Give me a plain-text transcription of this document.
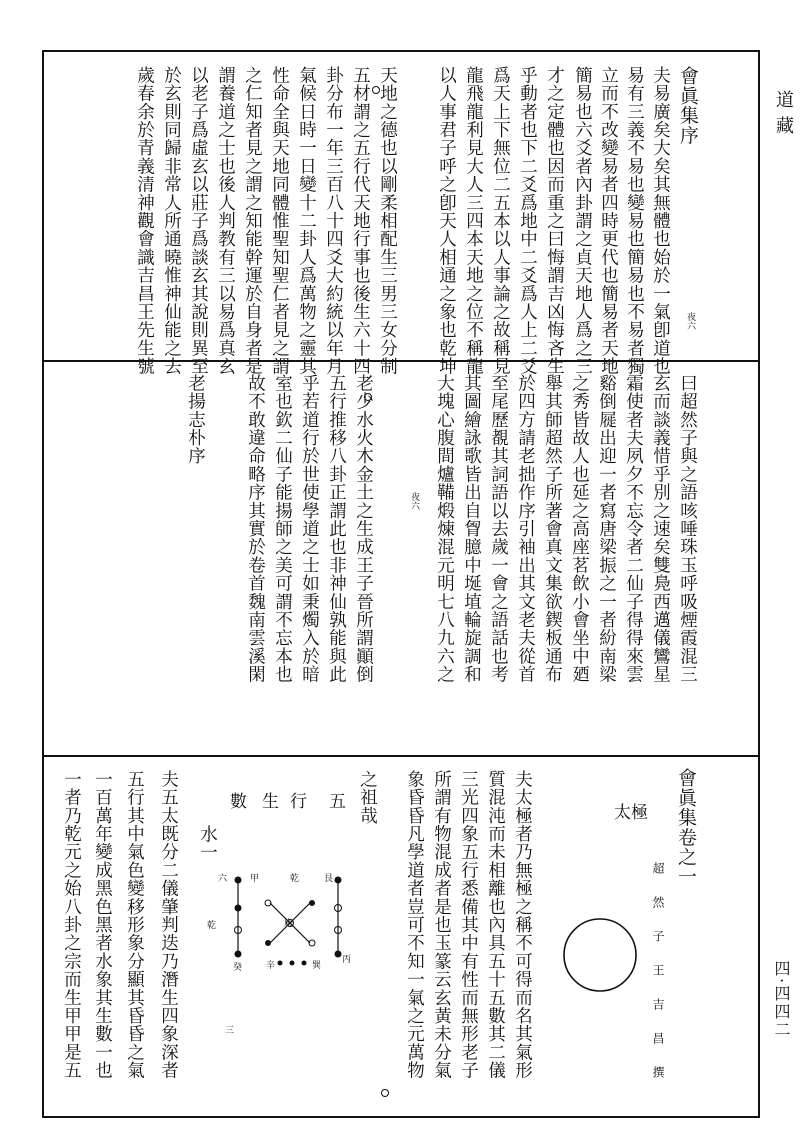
道藏
四‧四四二
會眞集序
夜六
夫易廣矣大矣其無體也始於一氣卽道也
易有三義不易也變易也簡易也不易者獨
立而不改變易者四時更代也簡易者天地
簡易也六爻者內卦謂之貞天地人爲之三
才之定體也因而重之曰悔謂吉凶悔吝生
乎動者也下二爻爲地中二爻爲人上二爻
爲天上下無位二五本以人事論之故稱見
龍飛龍利見大人三四本天地之位不稱龍
以人事君子呼之卽天人相通之象也乾坤
天地之德也以剛柔相配生三男三女分制
五材謂之五行代天地行事也後生六十四
卦分布一年三百八十四爻大約統以年月
氣候日時一日變十二卦人爲萬物之靈其
性命全與天地同體惟聖知聖仁者見之謂
之仁知者見之謂之知能幹運於自身者是
謂養道之士也後人判教有三以易爲真玄
以老子爲虛玄以莊子爲談玄其說則異至
於玄則同歸非常人所通曉惟神仙能之去
歲春余於青義清神觀會識吉昌王先生號
夜六	曰超然子與之語咳唾珠玉呼吸煙霞混三
玄而談義惜乎別之速矣雙鳧西邁儀鸞星
霜使者夫夙夕不忘令者二仙子得得來雲
谿倒屣出迎一者寫唐梁振之一者紛南梁
之秀皆故人也延之高座茗飲小會坐中廼
舉其師超然子所著會真文集欲鍥板通布
於四方請老拙作序引袖出其文老夫從首
至尾歷覩其詞語以去歲一會之語話也考
其圖繪詠歌皆出自胷臆中埏埴輪旋調和
大塊心腹間爐鞴煅煉混元明七八九六之
老少水火木金土之生成王子晉所謂顚倒
五行推移八卦正謂此也非神仙孰能與此
乎若道行於世使學道之士如秉燭入於暗
室也欽二仙子能揚師之美可謂不忘本也
故不敢違命略序其實於卷首魏南雲溪閑
老揚志朴序
會眞集卷之一
超然子王吉昌撰
太極
夫太極者乃無極之稱不可得而名其氣形
質混沌而未相離也內具五十五數其二儀
三光四象五行悉備其中有性而無形老子
所謂有物混成者是也玉篆云玄黃未分氣
象昏昏凡學道者豈可不知一氣之元萬物
之祖哉
五
行
生
數
水一
艮
乾
甲
六
庚
丙
巽
辛
癸
乾
三
夫五太既分二儀肇判迭乃潛生四象深者
五行其中氣色變移形象分顯其昏昏之氣
一百萬年變成黑色黑者水象其生數一也
一者乃乾元之始八卦之宗而生甲甲是五
